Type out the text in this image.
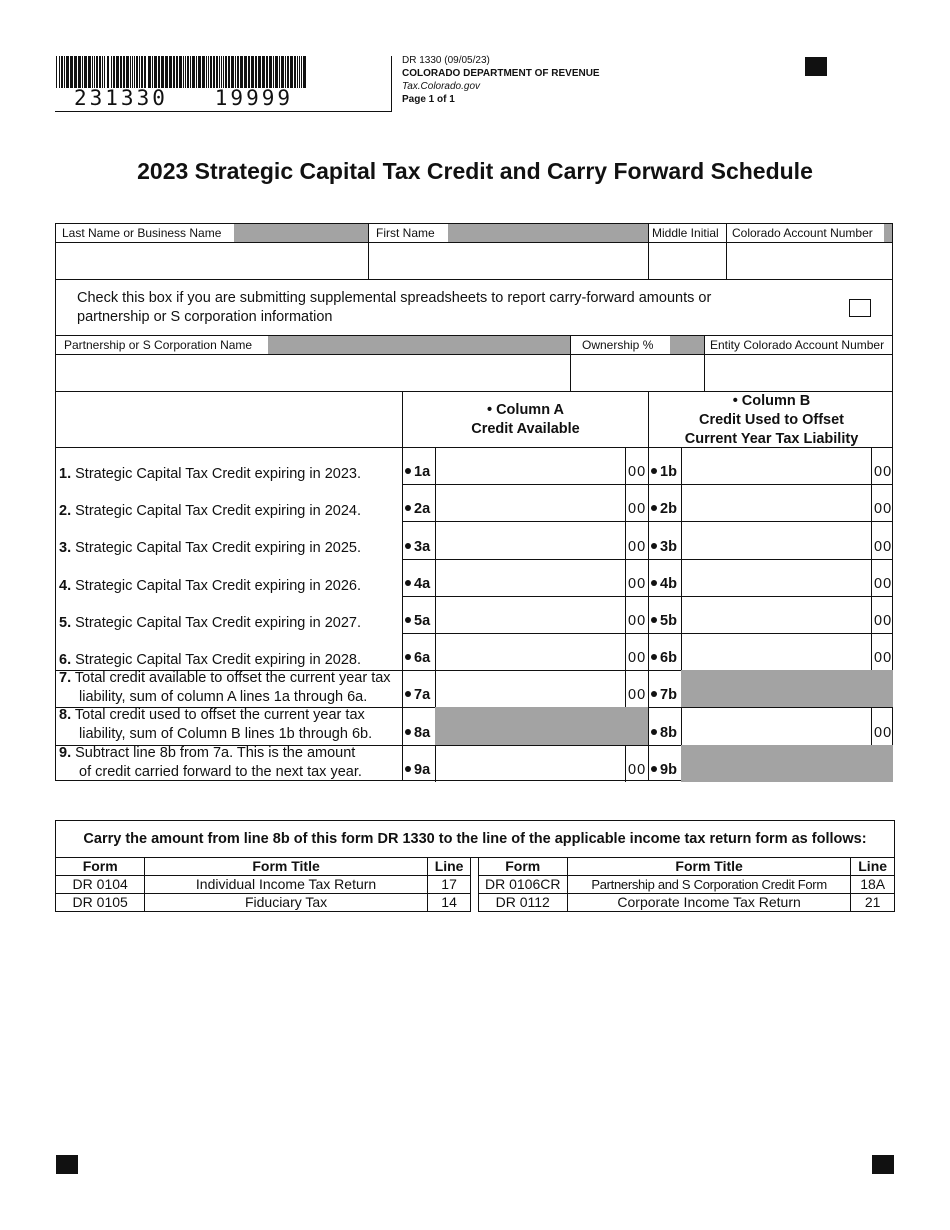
231330   19999
DR 1330 (09/05/23)
COLORADO DEPARTMENT OF REVENUE
Tax.Colorado.gov
Page 1 of 1
2023 Strategic Capital Tax Credit and Carry Forward Schedule
Last Name or Business Name	First Name	Middle Initial Colorado Account Number
Check this box if you are submitting supplemental spreadsheets to report carry-forward amounts or
partnership or S corporation information
Partnership or S Corporation Name	Ownership %	Entity Colorado Account Number
• Column A
Credit Available
• Column B
Credit Used to Offset
Current Year Tax Liability
1. Strategic Capital Tax Credit expiring in 2023.	1a	00 1b	00
2. Strategic Capital Tax Credit expiring in 2024.	2a	00 2b	00
3. Strategic Capital Tax Credit expiring in 2025.	3a	00 3b	00
4. Strategic Capital Tax Credit expiring in 2026.	4a	00 4b	00
5. Strategic Capital Tax Credit expiring in 2027.	5a	00 5b	00
6. Strategic Capital Tax Credit expiring in 2028.	6a	00 6b	00
7. Total credit available to offset the current year tax
liability, sum of column A lines 1a through 6a.	7a	00 7b
8. Total credit used to offset the current year tax
liability, sum of Column B lines 1b through 6b.	8a	8b	00
9. Subtract line 8b from 7a. This is the amount
of credit carried forward to the next tax year.	9a	00 9b
Carry the amount from line 8b of this form DR 1330 to the line of the applicable income tax return form as follows:						
Form	Form Title	Line		Form	Form Title	Line
DR 0104	Individual Income Tax Return	17		DR 0106CR	Partnership and S Corporation Credit Form	18A
DR 0105	Fiduciary Tax	14		DR 0112	Corporate Income Tax Return	21
